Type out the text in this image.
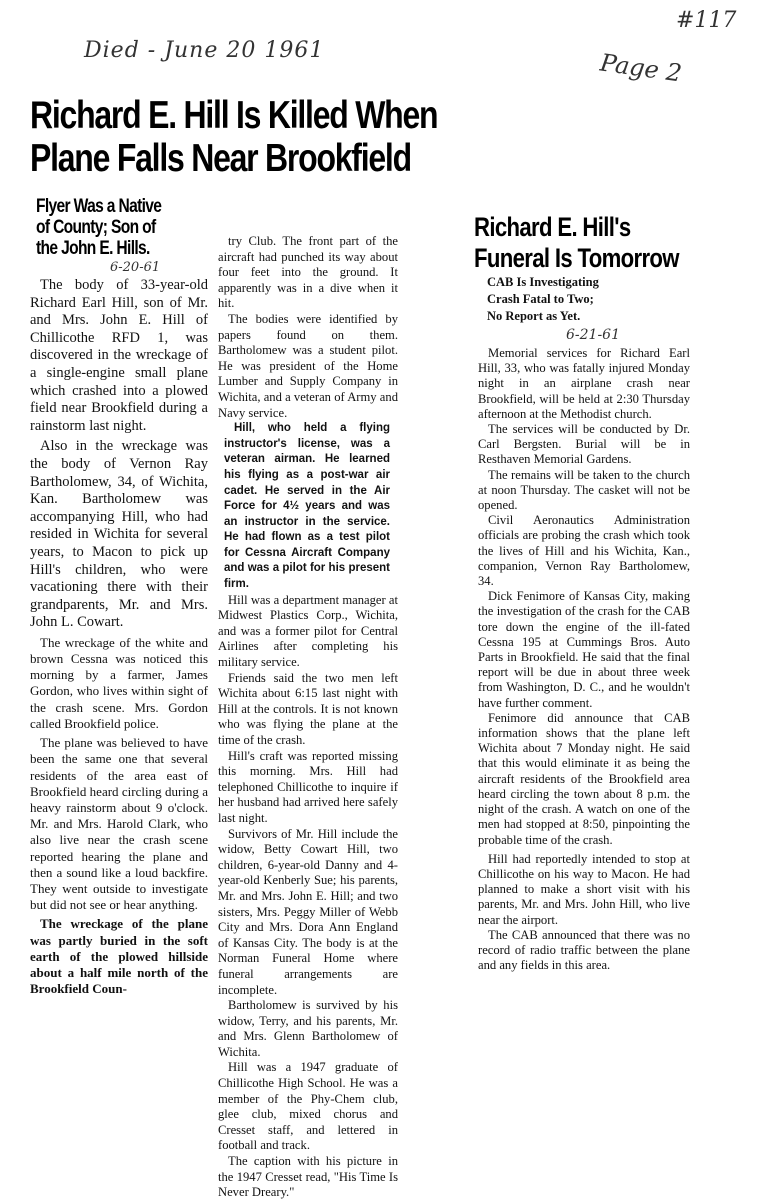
#117
Died - June 20 1961	Page 2
Richard E. Hill Is Killed When
Plane Falls Near Brookfield
Flyer Was a Native
of County; Son of
the John E. Hills.
6-20-61

The body of 33-year-old Richard Earl Hill, son of Mr. and Mrs. John E. Hill of Chillicothe RFD 1, was discovered in the wreckage of a single-engine small plane which crashed into a plowed field near Brookfield during a rainstorm last night.

Also in the wreckage was the body of Vernon Ray Bartholomew, 34, of Wichita, Kan. Bartholomew was accompanying Hill, who had resided in Wichita for several years, to Macon to pick up Hill's children, who were vacationing there with their grandparents, Mr. and Mrs. John L. Cowart.

The wreckage of the white and brown Cessna was noticed this morning by a farmer, James Gordon, who lives within sight of the crash scene. Mrs. Gordon called Brookfield police.

The plane was believed to have been the same one that several residents of the area east of Brookfield heard circling during a heavy rainstorm about 9 o'clock. Mr. and Mrs. Harold Clark, who also live near the crash scene reported hearing the plane and then a sound like a loud backfire. They went outside to investigate but did not see or hear anything.

The wreckage of the plane was partly buried in the soft earth of the plowed hillside about a half mile north of the Brookfield Coun-

try Club. The front part of the aircraft had punched its way about four feet into the ground. It apparently was in a dive when it hit.

The bodies were identified by papers found on them. Bartholomew was a student pilot. He was president of the Home Lumber and Supply Company in Wichita, and a veteran of Army and Navy service.

Hill, who held a flying instructor's license, was a veteran airman. He learned his flying as a post-war air cadet. He served in the Air Force for 4½ years and was an instructor in the service. He had flown as a test pilot for Cessna Aircraft Company and was a pilot for his present firm.

Hill was a department manager at Midwest Plastics Corp., Wichita, and was a former pilot for Central Airlines after completing his military service.

Friends said the two men left Wichita about 6:15 last night with Hill at the controls. It is not known who was flying the plane at the time of the crash.

Hill's craft was reported missing this morning. Mrs. Hill had telephoned Chillicothe to inquire if her husband had arrived here safely last night.

Survivors of Mr. Hill include the widow, Betty Cowart Hill, two children, 6-year-old Danny and 4-year-old Kenberly Sue; his parents, Mr. and Mrs. John E. Hill; and two sisters, Mrs. Peggy Miller of Webb City and Mrs. Dora Ann England of Kansas City. The body is at the Norman Funeral Home where funeral arrangements are incomplete.

Bartholomew is survived by his widow, Terry, and his parents, Mr. and Mrs. Glenn Bartholomew of Wichita.

Hill was a 1947 graduate of Chillicothe High School. He was a member of the Phy-Chem club, glee club, mixed chorus and Cresset staff, and lettered in football and track.

The caption with his picture in the 1947 Cresset read, "His Time Is Never Dreary."

Richard E. Hill's
Funeral Is Tomorrow
CAB Is Investigating
Crash Fatal to Two;
No Report as Yet.
6-21-61

Memorial services for Richard Earl Hill, 33, who was fatally injured Monday night in an airplane crash near Brookfield, will be held at 2:30 Thursday afternoon at the Methodist church.

The services will be conducted by Dr. Carl Bergsten. Burial will be in Resthaven Memorial Gardens.

The remains will be taken to the church at noon Thursday. The casket will not be opened.

Civil Aeronautics Administration officials are probing the crash which took the lives of Hill and his Wichita, Kan., companion, Vernon Ray Bartholomew, 34.

Dick Fenimore of Kansas City, making the investigation of the crash for the CAB tore down the engine of the ill-fated Cessna 195 at Cummings Bros. Auto Parts in Brookfield. He said that the final report will be due in about three week from Washington, D. C., and he wouldn't have further comment.

Fenimore did announce that CAB information shows that the plane left Wichita about 7 Monday night. He said that this would eliminate it as being the aircraft residents of the Brookfield area heard circling the town about 8 p.m. the night of the crash. A watch on one of the men had stopped at 8:50, pinpointing the probable time of the crash.

Hill had reportedly intended to stop at Chillicothe on his way to Macon. He had planned to make a short visit with his parents, Mr. and Mrs. John Hill, who live near the airport.

The CAB announced that there was no record of radio traffic between the plane and any fields in this area.
